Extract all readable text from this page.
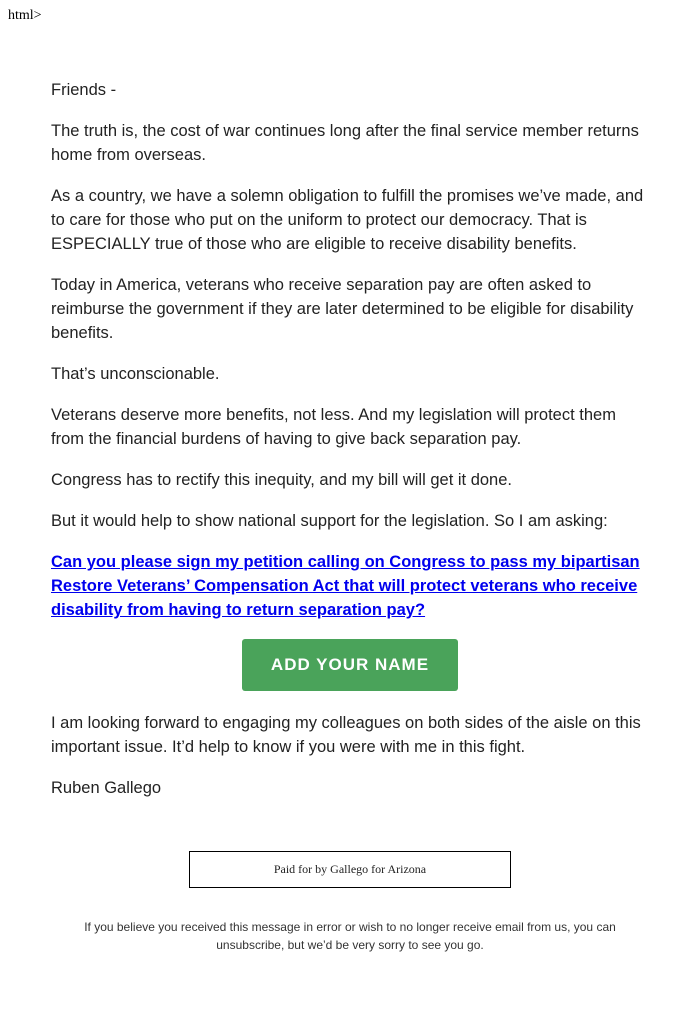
html>

Friends -

The truth is, the cost of war continues long after the final service member returns home from overseas.

As a country, we have a solemn obligation to fulfill the promises we’ve made, and to care for those who put on the uniform to protect our democracy. That is ESPECIALLY true of those who are eligible to receive disability benefits.

Today in America, veterans who receive separation pay are often asked to reimburse the government if they are later determined to be eligible for disability benefits.

That’s unconscionable.

Veterans deserve more benefits, not less. And my legislation will protect them from the financial burdens of having to give back separation pay.

Congress has to rectify this inequity, and my bill will get it done.

But it would help to show national support for the legislation. So I am asking:

Can you please sign my petition calling on Congress to pass my bipartisan Restore Veterans’ Compensation Act that will protect veterans who receive disability from having to return separation pay?

ADD YOUR NAME

I am looking forward to engaging my colleagues on both sides of the aisle on this important issue. It’d help to know if you were with me in this fight.

Ruben Gallego

Paid for by Gallego for Arizona
If you believe you received this message in error or wish to no longer receive email from us, you can unsubscribe, but we’d be very sorry to see you go.
